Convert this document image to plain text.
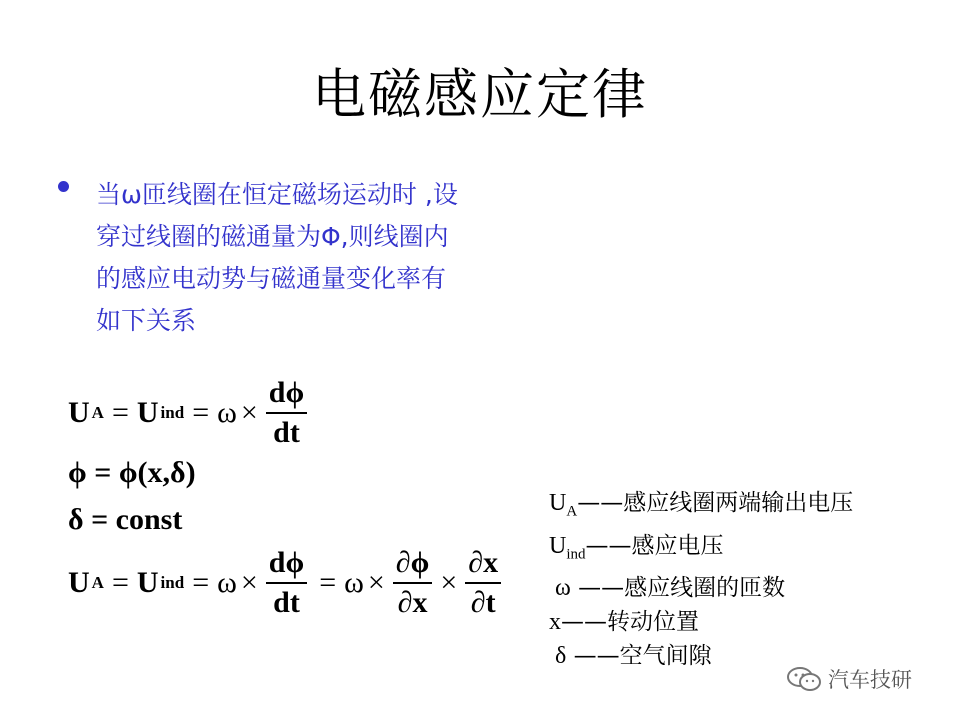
电磁感应定律
当ω匝线圈在恒定磁场运动时 ,设
穿过线圈的磁通量为Φ,则线圈内
的感应电动势与磁通量变化率有
如下关系
U A = U ind = $\omega \times \frac{d\phi}{dt}$
ϕ = ϕ(x,δ)
δ = const
U A = U ind = $\omega \times \frac{d\phi}{dt} = \omega \times \frac{\partial\phi}{\partial x} \times \frac{\partial x}{\partial t}$
$U_A——$感应线圈两端输出电压
$U_{ind}——$感应电压
ω ——感应线圈的匝数
x——转动位置
δ ——空气间隙
汽车技研
